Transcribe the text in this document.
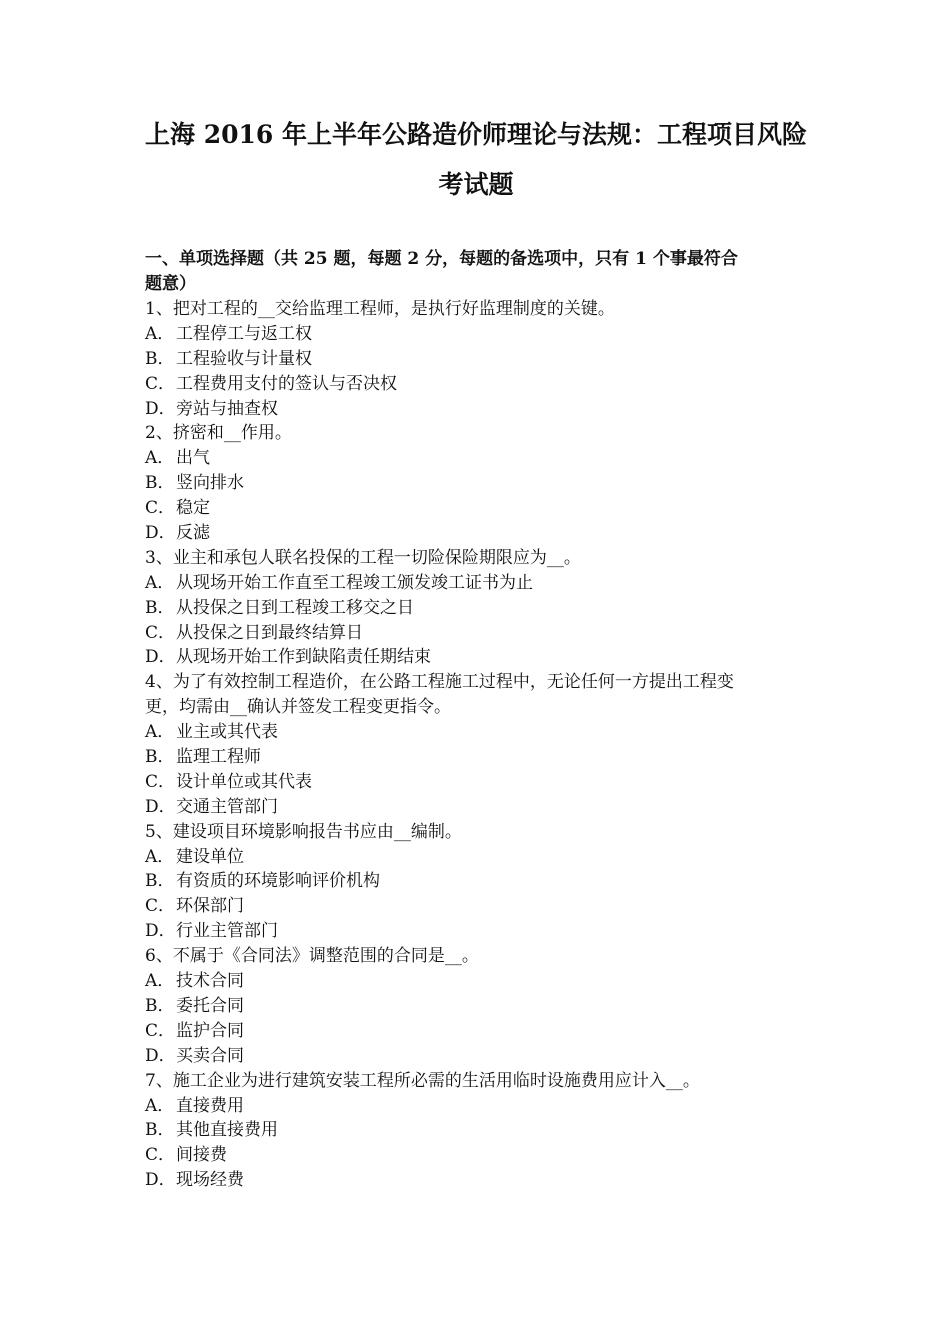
上海 2016 年上半年公路造价师理论与法规：工程项目风险
考试题
一、单项选择题（共 25 题，每题 2 分，每题的备选项中，只有 1 个事最符合
题意）
1、把对工程的__交给监理工程师，是执行好监理制度的关键。
A． 工程停工与返工权
B．工程验收与计量权
C．工程费用支付的签认与否决权
D．旁站与抽查权
2、挤密和__作用。
A． 出气
B．竖向排水
C．稳定
D．反滤
3、业主和承包人联名投保的工程一切险保险期限应为__。
A． 从现场开始工作直至工程竣工颁发竣工证书为止
B．从投保之日到工程竣工移交之日
C．从投保之日到最终结算日
D．从现场开始工作到缺陷责任期结束
4、为了有效控制工程造价，在公路工程施工过程中，无论任何一方提出工程变
更，均需由__确认并签发工程变更指令。
A． 业主或其代表
B．监理工程师
C．设计单位或其代表
D．交通主管部门
5、建设项目环境影响报告书应由__编制。
A． 建设单位
B．有资质的环境影响评价机构
C．环保部门
D．行业主管部门
6、不属于《合同法》调整范围的合同是__。
A． 技术合同
B．委托合同
C．监护合同
D．买卖合同
7、施工企业为进行建筑安装工程所必需的生活用临时设施费用应计入__。
A． 直接费用
B．其他直接费用
C．间接费
D．现场经费
